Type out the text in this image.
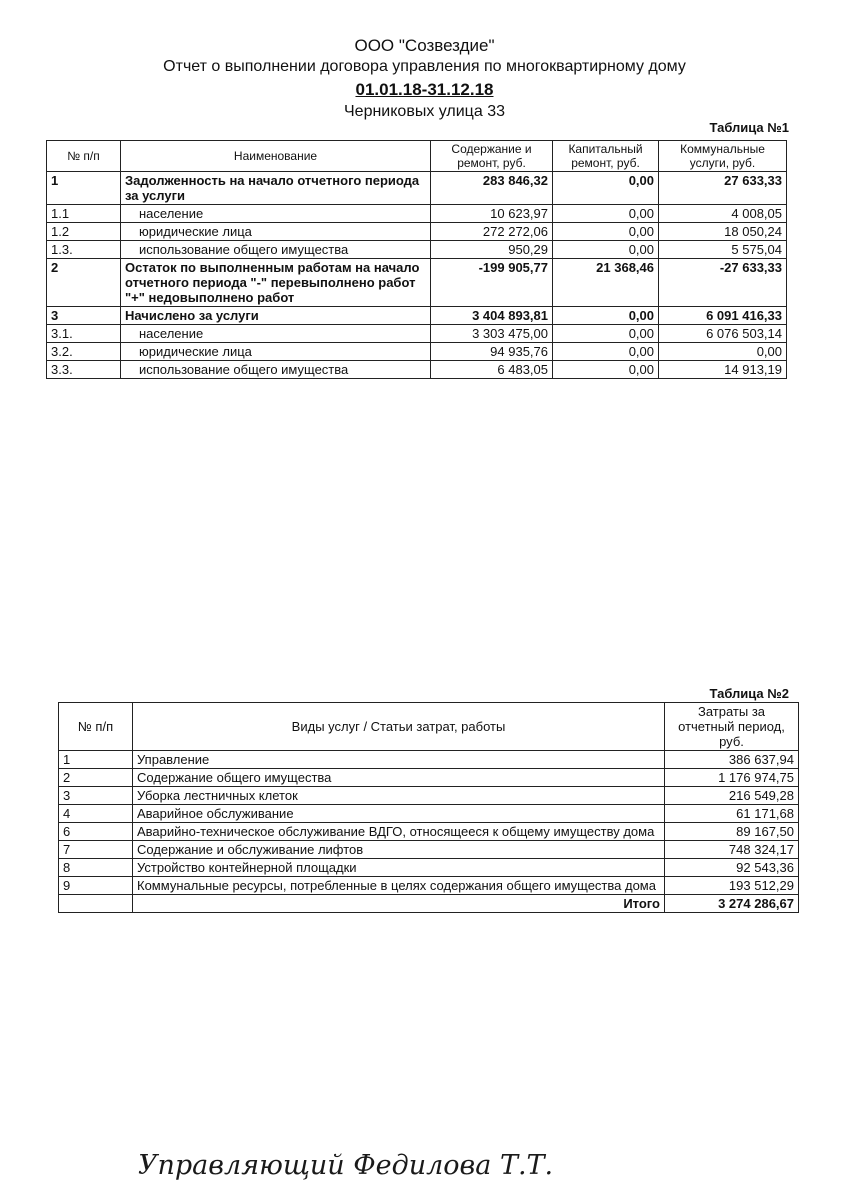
ООО "Созвездие"
Отчет о выполнении договора управления по многоквартирному дому
01.01.18-31.12.18
Черниковых улица 33
Таблица №1
№ п/п	Наименование	Содержание и ремонт, руб.	Капитальный ремонт, руб.	Коммунальные услуги, руб.
1	Задолженность на начало отчетного периода за услуги	283 846,32	0,00	27 633,33
1.1	население	10 623,97	0,00	4 008,05
1.2	юридические лица	272 272,06	0,00	18 050,24
1.3.	использование общего имущества	950,29	0,00	5 575,04
2	Остаток по выполненным работам на начало отчетного периода "-" перевыполнено работ "+" недовыполнено работ	-199 905,77	21 368,46	-27 633,33
3	Начислено за услуги	3 404 893,81	0,00	6 091 416,33
3.1.	население	3 303 475,00	0,00	6 076 503,14
3.2.	юридические лица	94 935,76	0,00	0,00
3.3.	использование общего имущества	6 483,05	0,00	14 913,19
Таблица №2
№ п/п	Виды услуг / Статьи затрат, работы	Затраты за отчетный период, руб.
1	Управление	386 637,94
2	Содержание общего имущества	1 176 974,75
3	Уборка лестничных клеток	216 549,28
4	Аварийное обслуживание	61 171,68
6	Аварийно-техническое обслуживание ВДГО, относящееся к общему имуществу дома	89 167,50
7	Содержание и обслуживание лифтов	748 324,17
8	Устройство контейнерной площадки	92 543,36
9	Коммунальные ресурсы, потребленные в целях содержания общего имущества дома	193 512,29
	Итого	3 274 286,67
Управляющий Федилова Т.Т.
